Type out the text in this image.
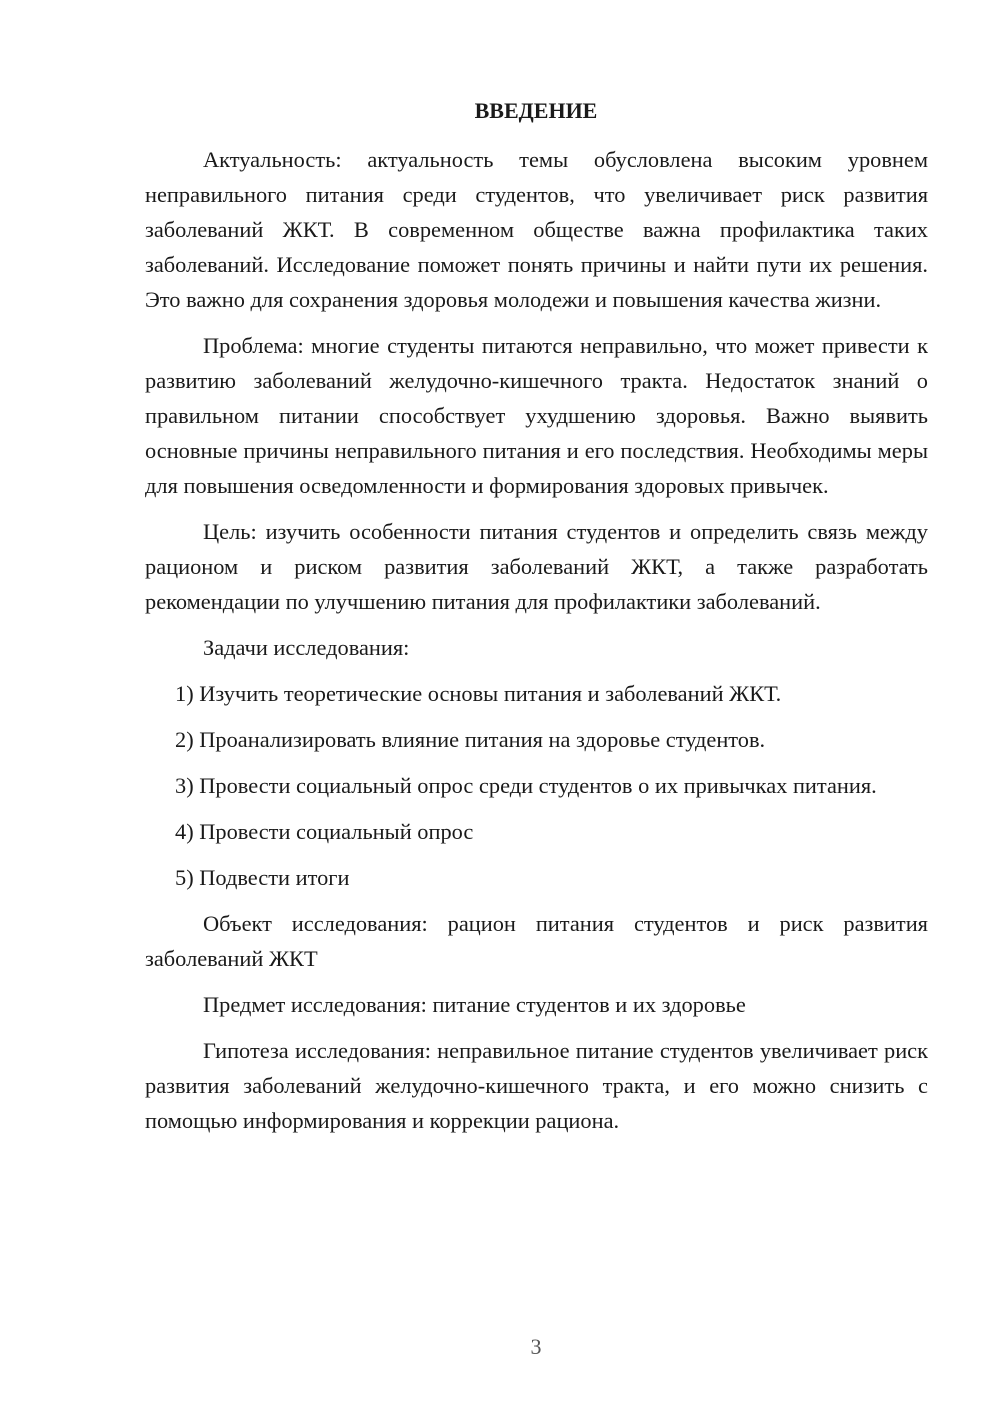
ВВЕДЕНИЕ

Актуальность: актуальность темы обусловлена высоким уровнем неправильного питания среди студентов, что увеличивает риск развития заболеваний ЖКТ. В современном обществе важна профилактика таких заболеваний. Исследование поможет понять причины и найти пути их решения. Это важно для сохранения здоровья молодежи и повышения качества жизни.

Проблема: многие студенты питаются неправильно, что может привести к развитию заболеваний желудочно-кишечного тракта. Недостаток знаний о правильном питании способствует ухудшению здоровья. Важно выявить основные причины неправильного питания и его последствия. Необходимы меры для повышения осведомленности и формирования здоровых привычек.

Цель: изучить особенности питания студентов и определить связь между рационом и риском развития заболеваний ЖКТ, а также разработать рекомендации по улучшению питания для профилактики заболеваний.

Задачи исследования:

1) Изучить теоретические основы питания и заболеваний ЖКТ.

2) Проанализировать влияние питания на здоровье студентов.

3) Провести социальный опрос среди студентов о их привычках питания.

4) Провести социальный опрос

5) Подвести итоги

Объект исследования: рацион питания студентов и риск развития заболеваний ЖКТ

Предмет исследования: питание студентов и их здоровье

Гипотеза исследования: неправильное питание студентов увеличивает риск развития заболеваний желудочно-кишечного тракта, и его можно снизить с помощью информирования и коррекции рациона.

3
